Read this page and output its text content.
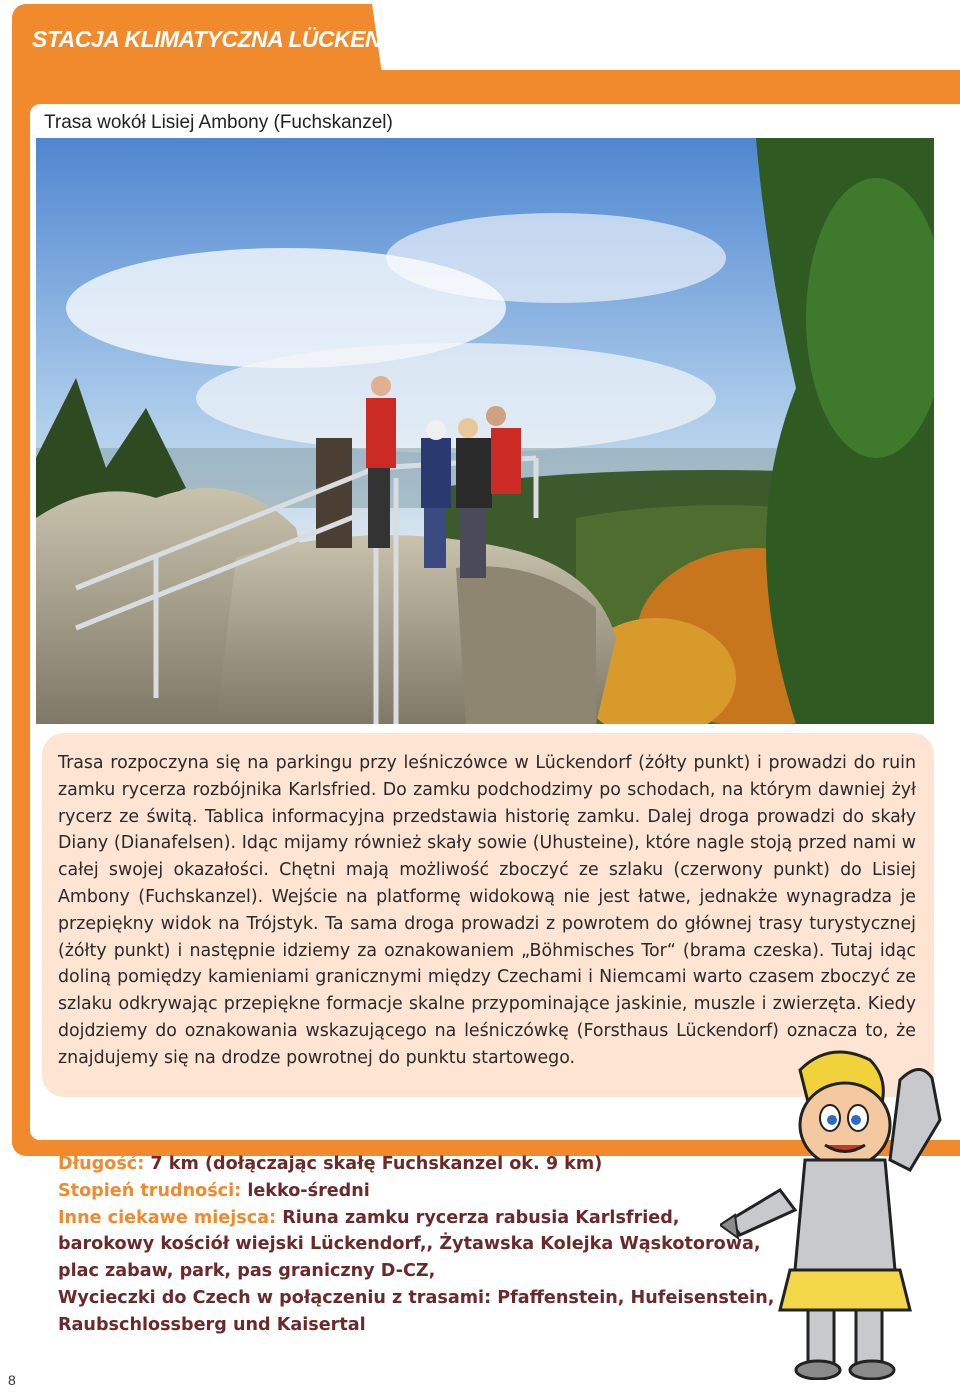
STACJA KLIMATYCZNA LÜCKENDORF
Trasa wokół Lisiej Ambony (Fuchskanzel)

Trasa rozpoczyna się na parkingu przy leśniczówce w Lückendorf (żółty punkt) i prowadzi do ruin zamku rycerza rozbójnika Karlsfried. Do zamku podchodzimy po schodach, na którym dawniej żył rycerz ze świtą. Tablica informacyjna przedstawia historię zamku. Dalej droga prowadzi do skały Diany (Dianafelsen). Idąc mijamy również skały sowie (Uhusteine), które nagle stoją przed nami w całej swojej okazałości. Chętni mają możliwość zboczyć ze szlaku (czerwony punkt) do Lisiej Ambony (Fuchskanzel). Wejście na platformę widokową nie jest łatwe, jednakże wynagradza je przepiękny widok na Trójstyk. Ta sama droga prowadzi z powrotem do głównej trasy turystycznej (żółty punkt) i następnie idziemy za oznakowaniem „Böhmisches Tor“ (brama czeska). Tutaj idąc doliną pomiędzy kamieniami granicznymi między Czechami i Niemcami warto czasem zboczyć ze szlaku odkrywając przepiękne formacje skalne przypominające jaskinie, muszle i zwierzęta. Kiedy dojdziemy do oznakowania wskazującego na leśniczówkę (Forsthaus Lückendorf) oznacza to, że znajdujemy się na drodze powrotnej do punktu startowego.

Długość: 7 km (dołączając skałę Fuchskanzel ok. 9 km)
Stopień trudności: lekko-średni
Inne ciekawe miejsca: Riuna zamku rycerza rabusia Karlsfried,
barokowy kościół wiejski Lückendorf,, Żytawska Kolejka Wąskotorowa,
plac zabaw, park, pas graniczny D-CZ,
Wycieczki do Czech w połączeniu z trasami: Pfaffenstein, Hufeisenstein,
Raubschlossberg und Kaisertal
8
